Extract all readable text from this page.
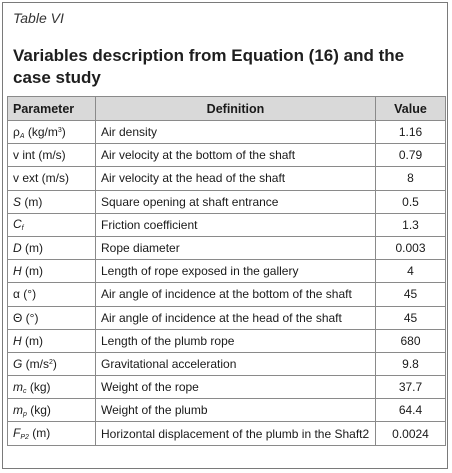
Table VI
Variables description from Equation (16) and the case study
Parameter	Definition	Value
$\rho_A$ $(kg/m^3)$	Air density	1.16
v int (m/s)	Air velocity at the bottom of the shaft	0.79
v ext (m/s)	Air velocity at the head of the shaft	8
S (m)	Square opening at shaft entrance	0.5
$C_f$	Friction coefficient	1.3
D (m)	Rope diameter	0.003
H (m)	Length of rope exposed in the gallery	4
α (°)	Air angle of incidence at the bottom of the shaft	45
Θ (°)	Air angle of incidence at the head of the shaft	45
H (m)	Length of the plumb rope	680
G $(m/s^2)$	Gravitational acceleration	9.8
$m_c$ (kg)	Weight of the rope	37.7
$m_p$ (kg)	Weight of the plumb	64.4
$F_{P2}$ (m)	Horizontal displacement of the plumb in the Shaft2	0.0024
